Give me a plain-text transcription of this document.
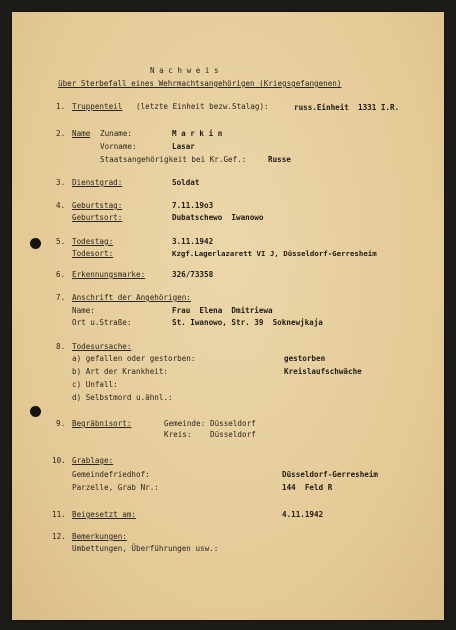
N a c h w e i s
über Sterbefall eines Wehrmachtsangehörigen (Kriegsgefangenen)
1. Truppenteil (letzte Einheit bezw.Stalag):	russ.Einheit  1331 I.R.
2. Name Zuname:	M a r k i n
Vorname:	Lasar
Staatsangehörigkeit bei Kr.Gef.:	Russe
3. Dienstgrad:	Soldat
4. Geburtstag:	7.11.19o3
Geburtsort:	Dubatschewo  Iwanowo
5. Todestag:	3.11.1942
Todesort:	Kzgf.Lagerlazarett VI J, Düsseldorf-Gerresheim
6. Erkennungsmarke:	326/73358
7. Anschrift der Angehörigen:
Name:	Frau  Elena  Dmitriewa
Ort u.Straße:	St. Iwanowo, Str. 39  Soknewjkaja
8. Todesursache:
a) gefallen oder gestorben:	gestorben
b) Art der Krankheit:	Kreislaufschwäche
c) Unfall:
d) Selbstmord u.ähnl.:
9. Begräbnisort:	Gemeinde: Düsseldorf
Kreis: Düsseldorf
10. Grablage:
Gemeindefriedhof:	Düsseldorf-Gerresheim
Parzelle, Grab Nr.:	144  Feld R
11. Beigesetzt am:	4.11.1942
12. Bemerkungen:
Umbettungen, Überführungen usw.:
